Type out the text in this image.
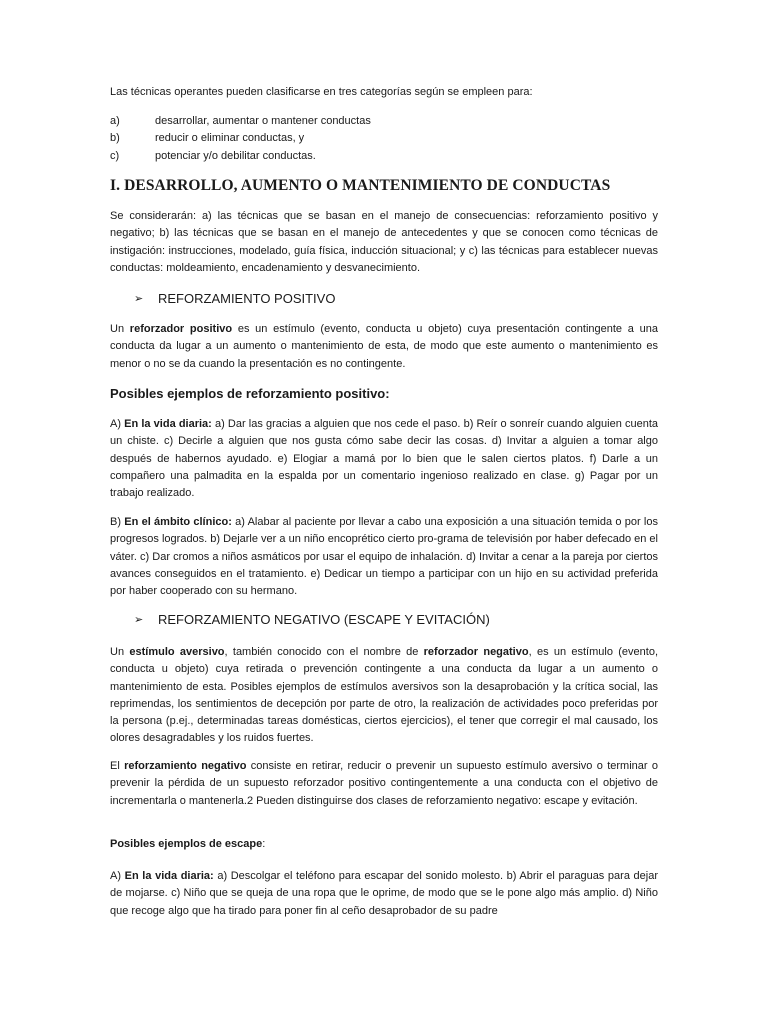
Las técnicas operantes pueden clasificarse en tres categorías según se empleen para:

a)	desarrollar, aumentar o mantener conductas
b)	reducir o eliminar conductas, y
c)	potenciar y/o debilitar conductas.
I. DESARROLLO, AUMENTO O MANTENIMIENTO DE CONDUCTAS

Se considerarán: a) las técnicas que se basan en el manejo de consecuencias: reforzamiento positivo y negativo; b) las técnicas que se basan en el manejo de antecedentes y que se conocen como técnicas de instigación: instrucciones, modelado, guía física, inducción situacional; y c) las técnicas para establecer nuevas conductas: moldeamiento, encadenamiento y desvanecimiento.

➢	REFORZAMIENTO POSITIVO

Un reforzador positivo es un estímulo (evento, conducta u objeto) cuya presentación contingente a una conducta da lugar a un aumento o mantenimiento de esta, de modo que este aumento o mantenimiento es menor o no se da cuando la presentación es no contingente.

Posibles ejemplos de reforzamiento positivo:

A) En la vida diaria: a) Dar las gracias a alguien que nos cede el paso. b) Reír o sonreír cuando alguien cuenta un chiste. c) Decirle a alguien que nos gusta cómo sabe decir las cosas. d) Invitar a alguien a tomar algo después de habernos ayudado. e) Elogiar a mamá por lo bien que le salen ciertos platos. f) Darle a un compañero una palmadita en la espalda por un comentario ingenioso realizado en clase. g) Pagar por un trabajo realizado.

B) En el ámbito clínico: a) Alabar al paciente por llevar a cabo una exposición a una situación temida o por los progresos logrados. b) Dejarle ver a un niño encoprético cierto pro-grama de televisión por haber defecado en el váter. c) Dar cromos a niños asmáticos por usar el equipo de inhalación. d) Invitar a cenar a la pareja por ciertos avances conseguidos en el tratamiento. e) Dedicar un tiempo a participar con un hijo en su actividad preferida por haber cooperado con su hermano.

➢	REFORZAMIENTO NEGATIVO (ESCAPE Y EVITACIÓN)

Un estímulo aversivo, también conocido con el nombre de reforzador negativo, es un estímulo (evento, conducta u objeto) cuya retirada o prevención contingente a una conducta da lugar a un aumento o mantenimiento de esta. Posibles ejemplos de estímulos aversivos son la desaprobación y la crítica social, las reprimendas, los sentimientos de decepción por parte de otro, la realización de actividades poco preferidas por la persona (p.ej., determinadas tareas domésticas, ciertos ejercicios), el tener que corregir el mal causado, los olores desagradables y los ruidos fuertes.

El reforzamiento negativo consiste en retirar, reducir o prevenir un supuesto estímulo aversivo o terminar o prevenir la pérdida de un supuesto reforzador positivo contingentemente a una conducta con el objetivo de incrementarla o mantenerla.2 Pueden distinguirse dos clases de reforzamiento negativo: escape y evitación.

Posibles ejemplos de escape:

A) En la vida diaria: a) Descolgar el teléfono para escapar del sonido molesto. b) Abrir el paraguas para dejar de mojarse. c) Niño que se queja de una ropa que le oprime, de modo que se le pone algo más amplio. d) Niño que recoge algo que ha tirado para poner fin al ceño desaprobador de su padre
